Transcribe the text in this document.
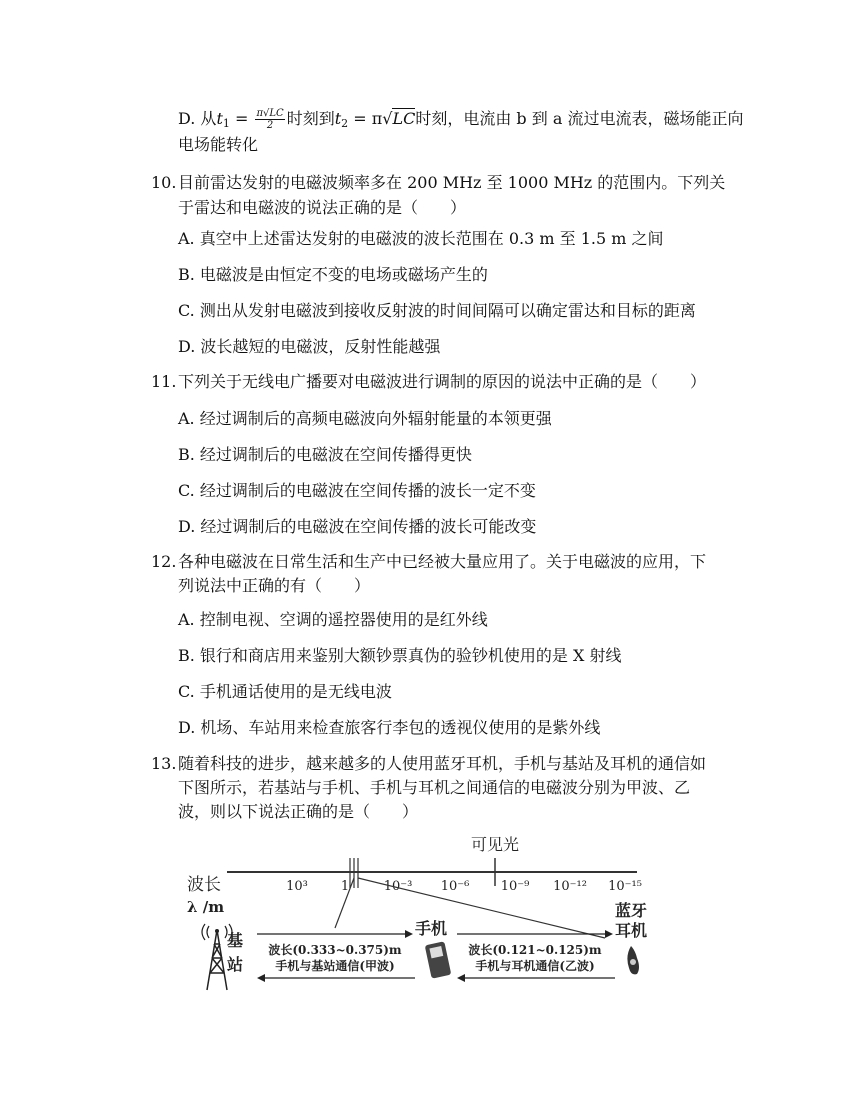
D. 从$t_1 = \frac{\pi√LC}{2}$ 时刻到$t_2 = \pi√LC$时刻，电流由 b 到 a 流过电流表，磁场能正向
电场能转化
10.目前雷达发射的电磁波频率多在 200 MHz 至 1000 MHz 的范围内。下列关
于雷达和电磁波的说法正确的是（　　）
A. 真空中上述雷达发射的电磁波的波长范围在 0.3 m 至 1.5 m 之间
B. 电磁波是由恒定不变的电场或磁场产生的
C. 测出从发射电磁波到接收反射波的时间间隔可以确定雷达和目标的距离
D. 波长越短的电磁波，反射性能越强
11.下列关于无线电广播要对电磁波进行调制的原因的说法中正确的是（　　）
A. 经过调制后的高频电磁波向外辐射能量的本领更强
B. 经过调制后的电磁波在空间传播得更快
C. 经过调制后的电磁波在空间传播的波长一定不变
D. 经过调制后的电磁波在空间传播的波长可能改变
12.各种电磁波在日常生活和生产中已经被大量应用了。关于电磁波的应用，下
列说法中正确的有（　　）
A. 控制电视、空调的遥控器使用的是红外线
B. 银行和商店用来鉴别大额钞票真伪的验钞机使用的是 X 射线
C. 手机通话使用的是无线电波
D. 机场、车站用来检查旅客行李包的透视仪使用的是紫外线
13.随着科技的进步，越来越多的人使用蓝牙耳机，手机与基站及耳机的通信如
下图所示，若基站与手机、手机与耳机之间通信的电磁波分别为甲波、乙
波，则以下说法正确的是（　　）
可见光
波长
λ /m
10³	1	10⁻³ 10⁻⁶ 10⁻⁹ 10⁻¹² 10⁻¹⁵
基
站
手机
蓝牙
耳机
波长(0.333~0.375)m
手机与基站通信(甲波)
波长(0.121~0.125)m
手机与耳机通信(乙波)
